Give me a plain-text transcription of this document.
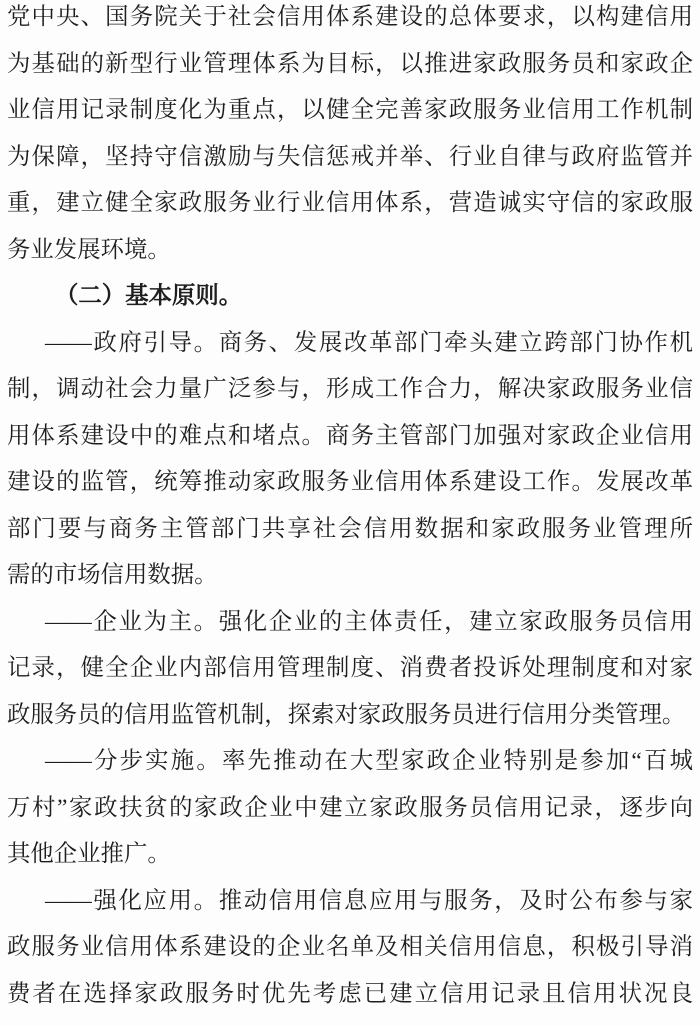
党中央、国务院关于社会信用体系建设的总体要求，以构建信用
为基础的新型行业管理体系为目标，以推进家政服务员和家政企
业信用记录制度化为重点，以健全完善家政服务业信用工作机制
为保障，坚持守信激励与失信惩戒并举、行业自律与政府监管并
重，建立健全家政服务业行业信用体系，营造诚实守信的家政服
务业发展环境。
（二）基本原则。
——政府引导。商务、发展改革部门牵头建立跨部门协作机
制，调动社会力量广泛参与，形成工作合力，解决家政服务业信
用体系建设中的难点和堵点。商务主管部门加强对家政企业信用
建设的监管，统筹推动家政服务业信用体系建设工作。发展改革
部门要与商务主管部门共享社会信用数据和家政服务业管理所
需的市场信用数据。
——企业为主。强化企业的主体责任，建立家政服务员信用
记录，健全企业内部信用管理制度、消费者投诉处理制度和对家
政服务员的信用监管机制，探索对家政服务员进行信用分类管理。
——分步实施。率先推动在大型家政企业特别是参加“百城
万村”家政扶贫的家政企业中建立家政服务员信用记录，逐步向
其他企业推广。
——强化应用。推动信用信息应用与服务，及时公布参与家
政服务业信用体系建设的企业名单及相关信用信息，积极引导消
费者在选择家政服务时优先考虑已建立信用记录且信用状况良
